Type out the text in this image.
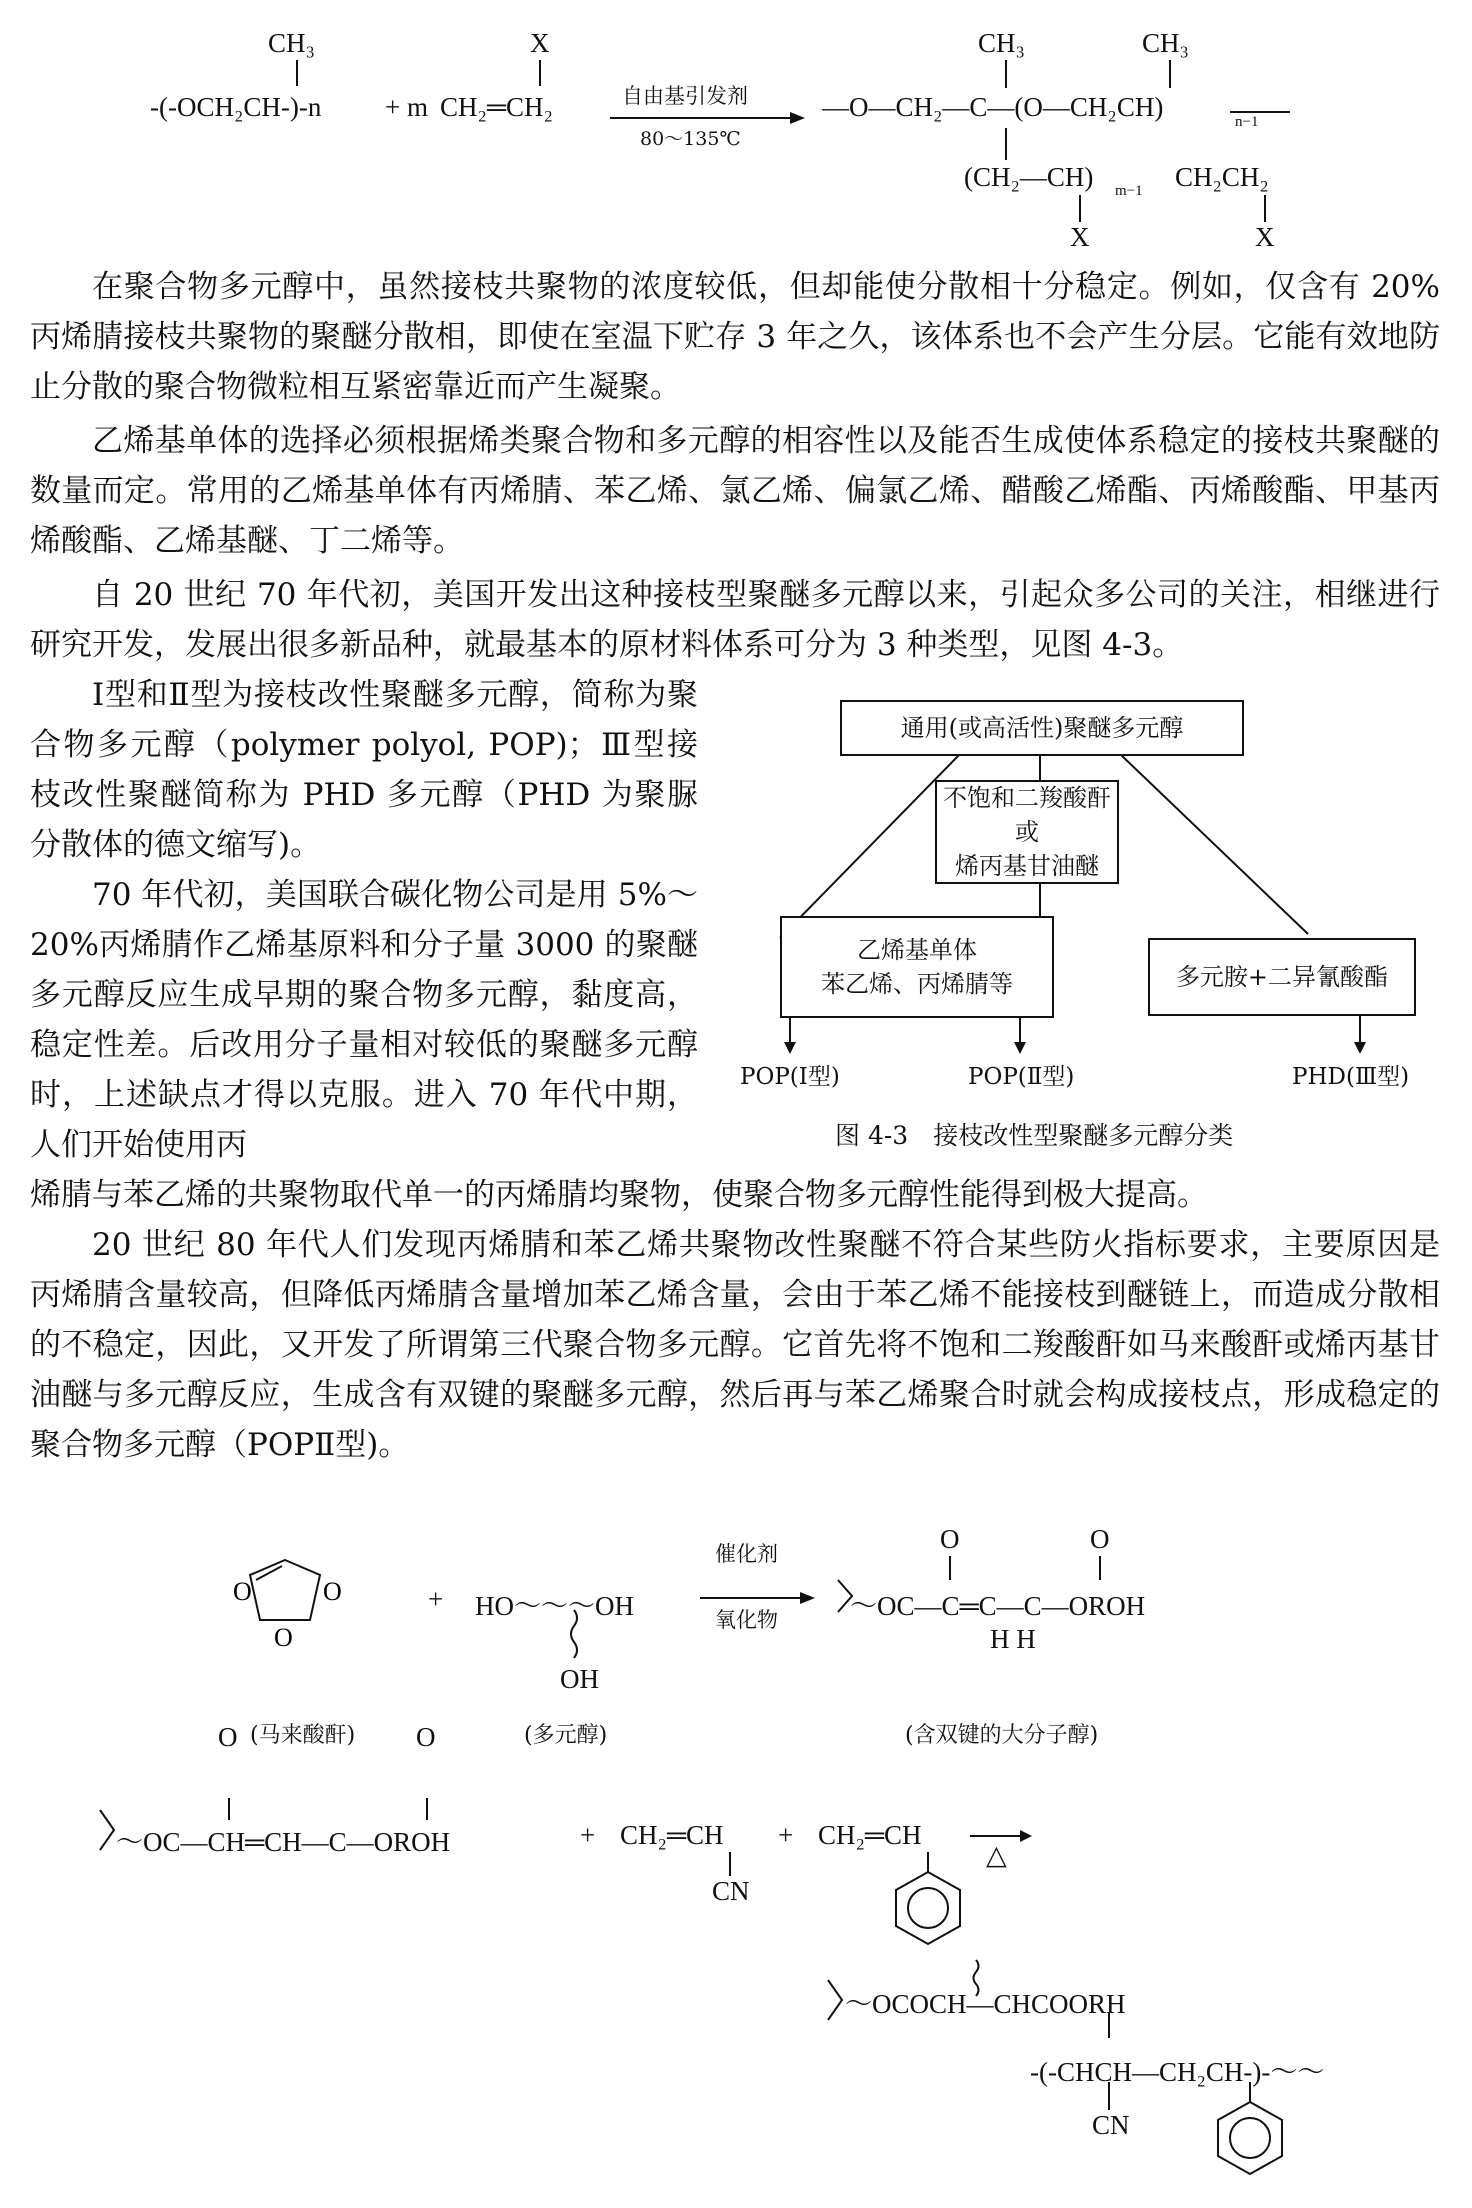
CH₃
-(-OCH₂CH-)-n + m
X
CH₂═CH₂	自由基引发剂
80～135℃
CH₃	CH₃
—O—CH₂—C—(O—CH₂CH)	n−1
(CH₂—CH) m−1 CH₂CH₂
X	X

在聚合物多元醇中，虽然接枝共聚物的浓度较低，但却能使分散相十分稳定。例如，仅含有 20%丙烯腈接枝共聚物的聚醚分散相，即使在室温下贮存 3 年之久，该体系也不会产生分层。它能有效地防止分散的聚合物微粒相互紧密靠近而产生凝聚。

乙烯基单体的选择必须根据烯类聚合物和多元醇的相容性以及能否生成使体系稳定的接枝共聚醚的数量而定。常用的乙烯基单体有丙烯腈、苯乙烯、氯乙烯、偏氯乙烯、醋酸乙烯酯、丙烯酸酯、甲基丙烯酸酯、乙烯基醚、丁二烯等。

自 20 世纪 70 年代初，美国开发出这种接枝型聚醚多元醇以来，引起众多公司的关注，相继进行研究开发，发展出很多新品种，就最基本的原材料体系可分为 3 种类型，见图 4-3。

Ⅰ型和Ⅱ型为接枝改性聚醚多元醇，简称为聚合物多元醇（polymer polyol, POP)；Ⅲ型接枝改性聚醚简称为 PHD 多元醇（PHD 为聚脲分散体的德文缩写)。

70 年代初，美国联合碳化物公司是用 5%～20%丙烯腈作乙烯基原料和分子量 3000 的聚醚多元醇反应生成早期的聚合物多元醇，黏度高，稳定性差。后改用分子量相对较低的聚醚多元醇时，上述缺点才得以克服。进入 70 年代中期，人们开始使用丙

烯腈与苯乙烯的共聚物取代单一的丙烯腈均聚物，使聚合物多元醇性能得到极大提高。

20 世纪 80 年代人们发现丙烯腈和苯乙烯共聚物改性聚醚不符合某些防火指标要求，主要原因是丙烯腈含量较高，但降低丙烯腈含量增加苯乙烯含量，会由于苯乙烯不能接枝到醚链上，而造成分散相的不稳定，因此，又开发了所谓第三代聚合物多元醇。它首先将不饱和二羧酸酐如马来酸酐或烯丙基甘油醚与多元醇反应，生成含有双键的聚醚多元醇，然后再与苯乙烯聚合时就会构成接枝点，形成稳定的聚合物多元醇（POPⅡ型)。

通用(或高活性)聚醚多元醇
不饱和二羧酸酐
或
烯丙基甘油醚
乙烯基单体
苯乙烯、丙烯腈等	多元胺+二异氰酸酯
POP(Ⅰ型)	POP(Ⅱ型)	PHD(Ⅲ型)
图 4-3　接枝改性型聚醚多元醇分类
O	O
O
+ HO～～～OH
OH
催化剂
氧化物
O	O
～OC—C═C—C—OROH
H H
(马来酸酐)	(多元醇)	(含双键的大分子醇)
O	O
～OC—CH═CH—C—OROH	+ CH₂═CH
CN
+ CH₂═CH
△
～OCOCH—CHCOORH
-(-CHCH—CH₂CH-)-～～
CN
